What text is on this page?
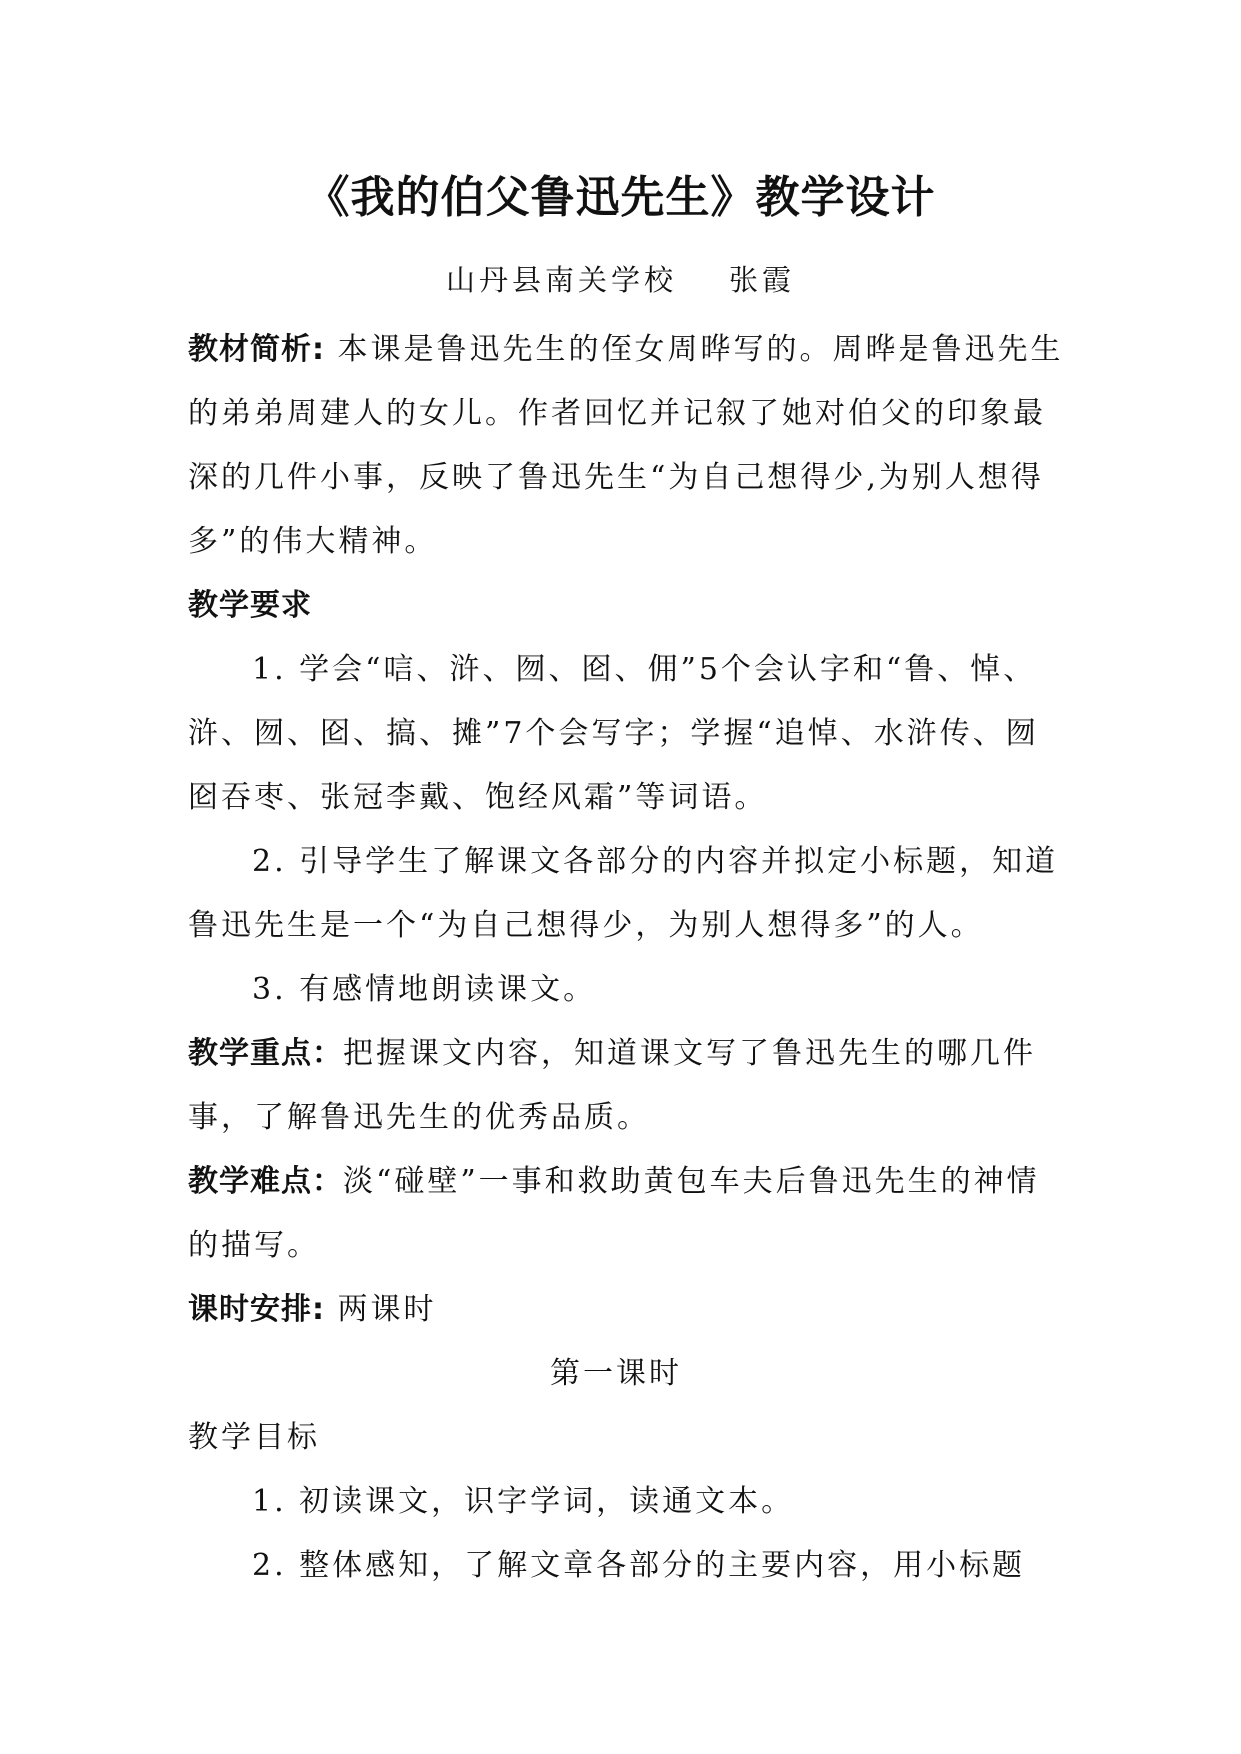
《我的伯父鲁迅先生》教学设计
山丹县南关学校 张霞

教材简析: 本课是鲁迅先生的侄女周晔写的。周晔是鲁迅先生的弟弟周建人的女儿。作者回忆并记叙了她对伯父的印象最深的几件小事，反映了鲁迅先生“为自己想得少,为别人想得多”的伟大精神。

教学要求

1. 学会“唁、浒、囫、囵、佣”5个会认字和“鲁、悼、浒、囫、囵、搞、摊”7个会写字；学握“追悼、水浒传、囫囵吞枣、张冠李戴、饱经风霜”等词语。

2. 引导学生了解课文各部分的内容并拟定小标题，知道鲁迅先生是一个“为自己想得少，为别人想得多”的人。

3. 有感情地朗读课文。

教学重点：把握课文内容，知道课文写了鲁迅先生的哪几件事，了解鲁迅先生的优秀品质。

教学难点：淡“碰壁”一事和救助黄包车夫后鲁迅先生的神情的描写。

课时安排: 两课时

第一课时

教学目标

1. 初读课文，识字学词，读通文本。

2. 整体感知，了解文章各部分的主要内容，用小标题
